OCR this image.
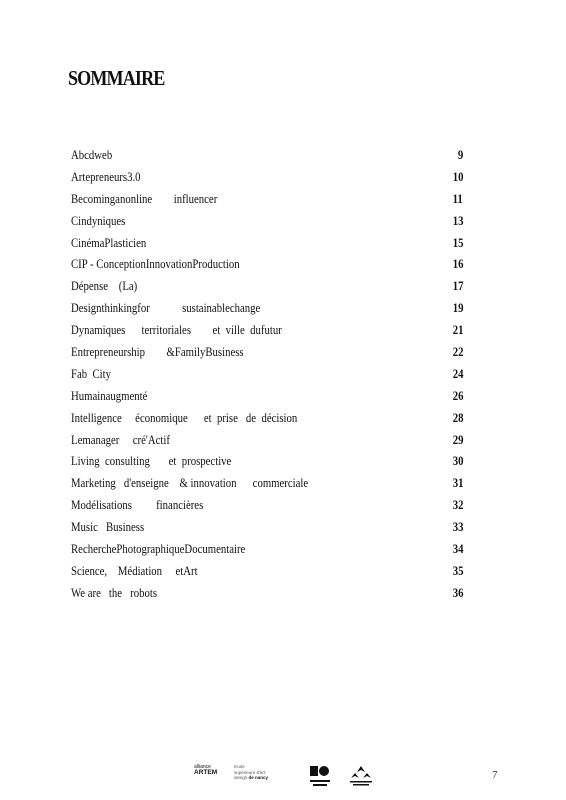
SOMMAIRE
Abcdweb	9
Artepreneurs3.0	10
Becominganonline        influencer	11
Cindyniques	13
CinémaPlasticien	15
CIP - ConceptionInnovationProduction	16
Dépense    (La)	17
Designthinkingfor            sustainablechange	19
Dynamiques      territoriales        et  ville  dufutur	21
Entrepreneurship        &FamilyBusiness	22
Fab  City	24
Humainaugmenté	26
Intelligence     économique      et  prise   de  décision	28
Lemanager     cré'Actif	29
Living  consulting       et  prospective	30
Marketing   d'enseigne    & innovation      commerciale	31
Modélisations         financières	32
Music   Business	33
RecherchePhotographiqueDocumentaire	34
Science,    Médiation     etArt	35
We are   the   robots	36
alliance
ARTEM
école
supérieure d'art
design de nancy	7
